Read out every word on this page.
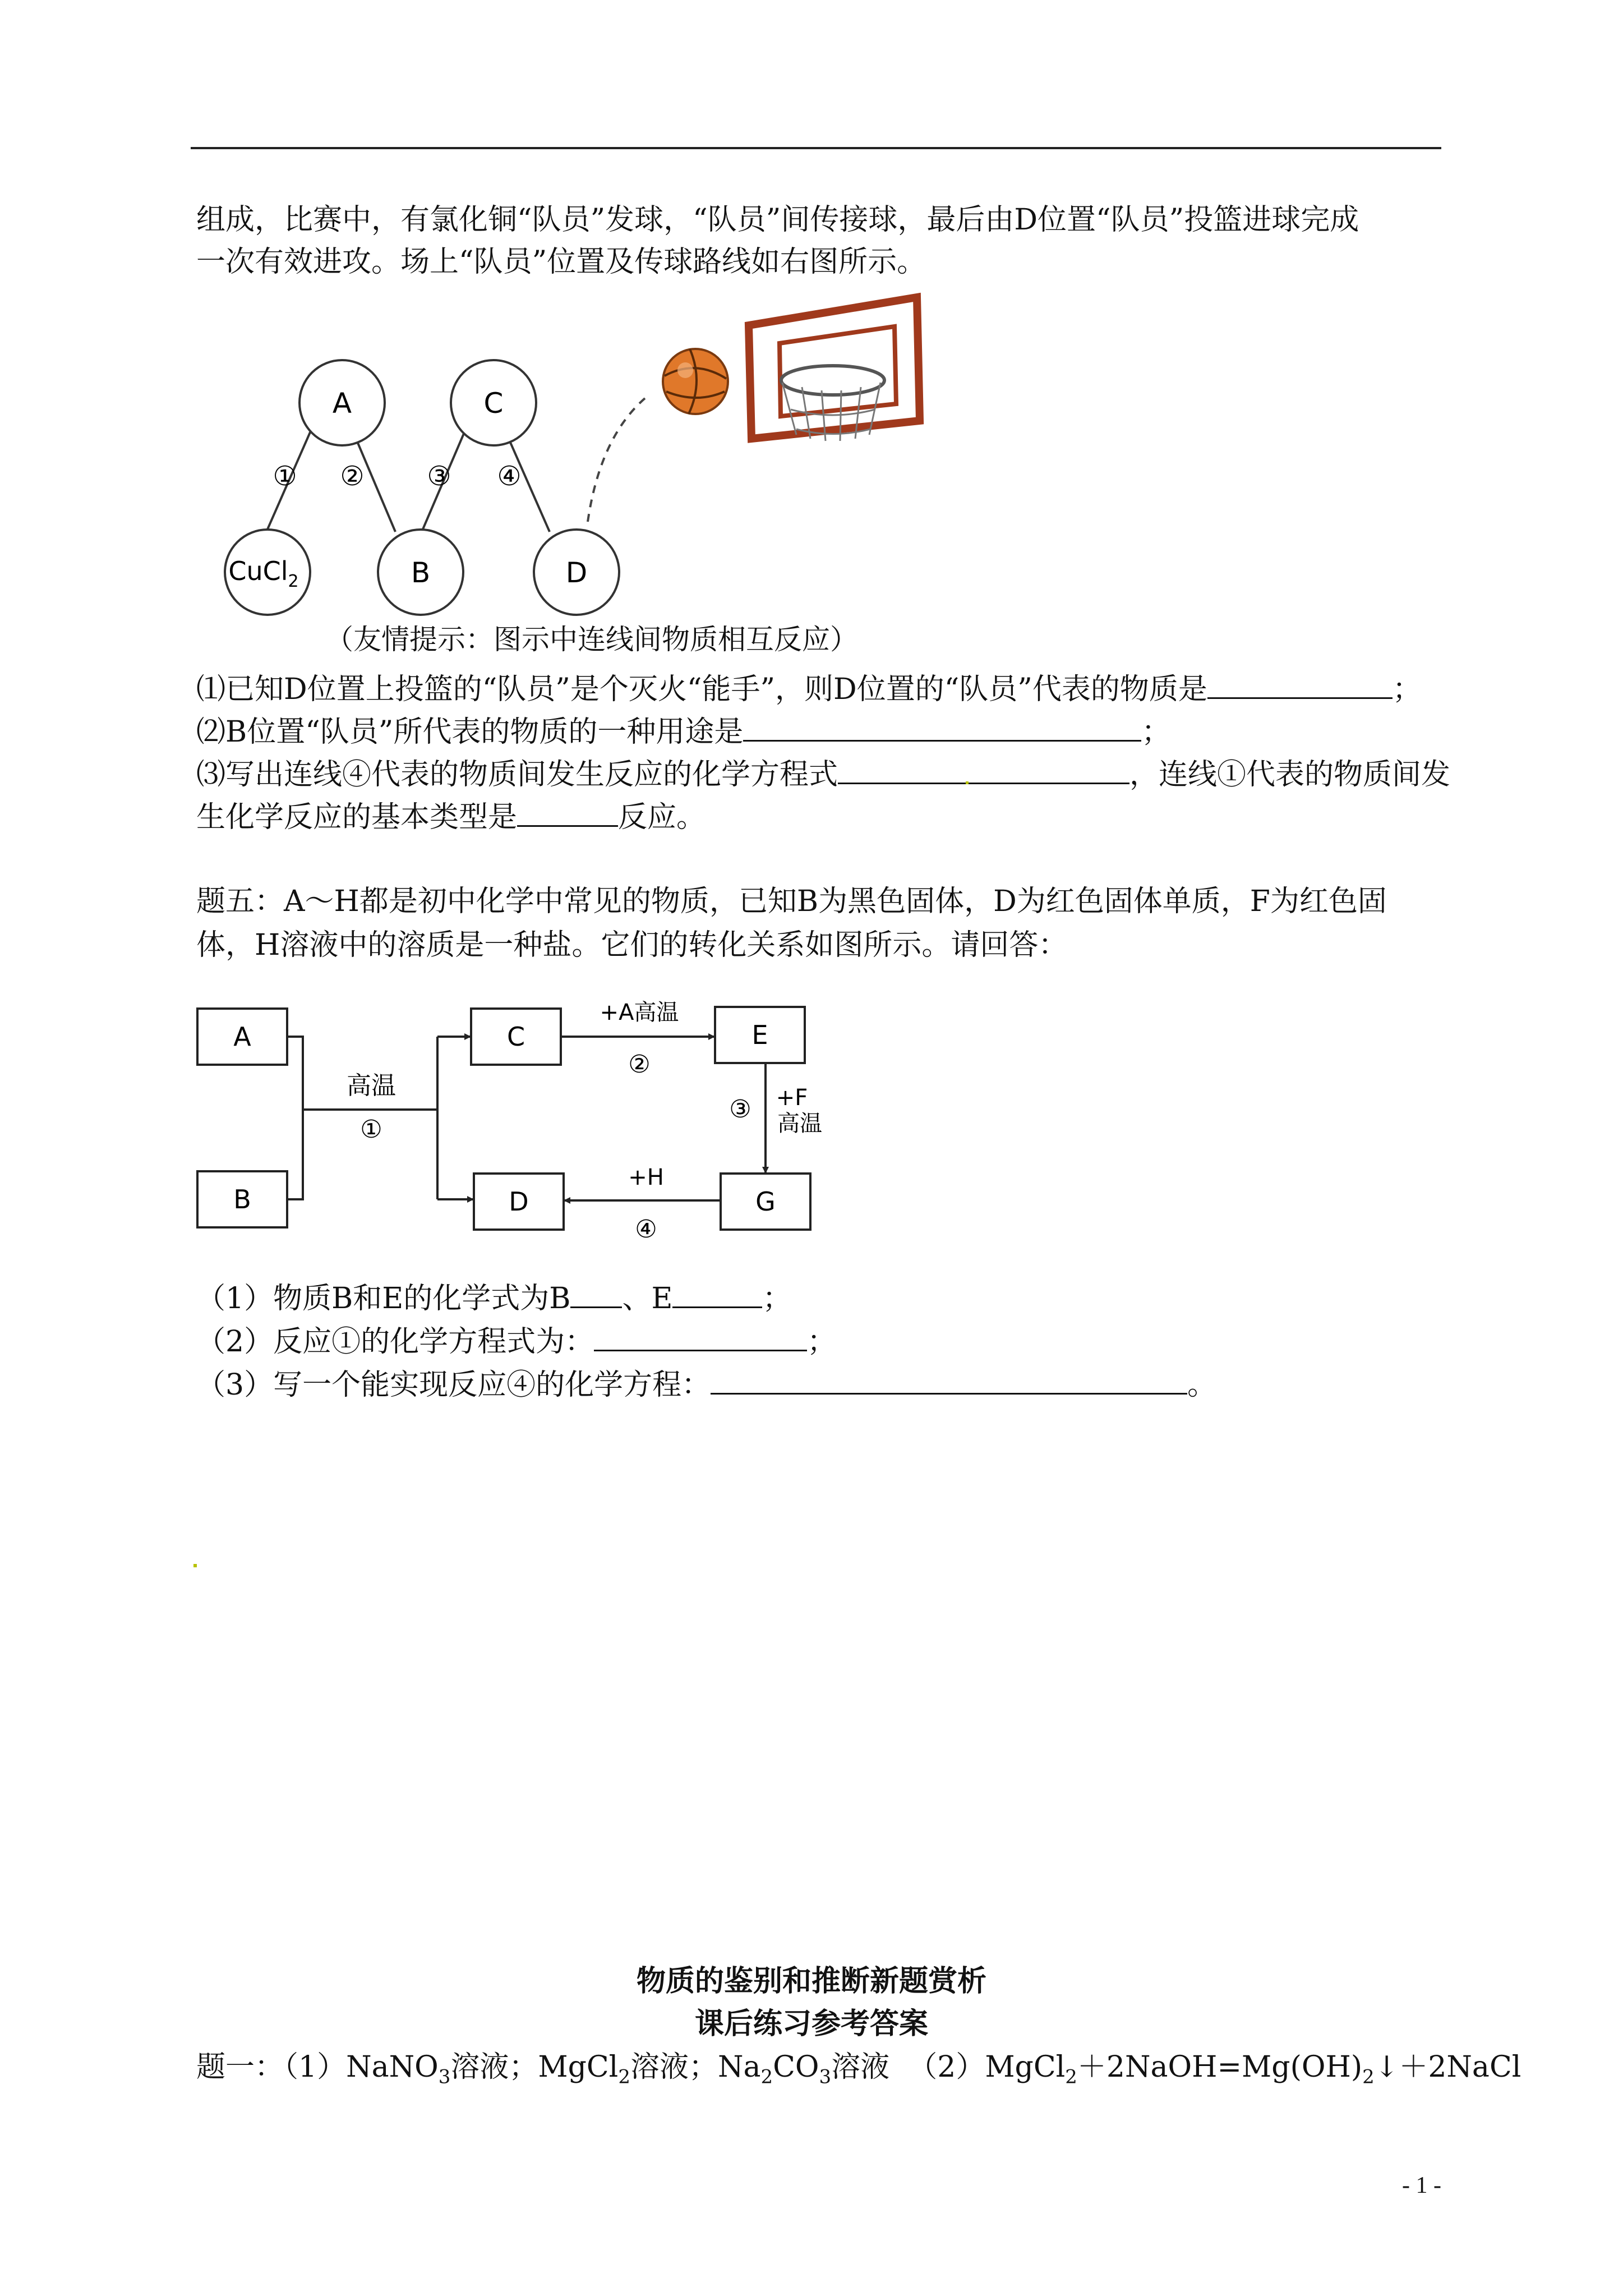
组成，比赛中，有氯化铜“队员”发球，“队员”间传接球，最后由D位置“队员”投篮进球完成
一次有效进攻。场上“队员”位置及传球路线如右图所示。
A	C
CuCl$_2$	B	D
① ② ③ ④
（友情提示：图示中连线间物质相互反应）
⑴已知D位置上投篮的“队员”是个灭火“能手”，则D位置的“队员”代表的物质是	；
⑵B位置“队员”所代表的物质的一种用途是	；
⑶写出连线④代表的物质间发生反应的化学方程式	，连线①代表的物质间发
生化学反应的基本类型是	反应。
题五：A～H都是初中化学中常见的物质，已知B为黑色固体，D为红色固体单质，F为红色固
体，H溶液中的溶质是一种盐。它们的转化关系如图所示。请回答：
A
B
C
D
E
G
高温
①
+A高温
②
③ +F
高温
+H
④
（1）物质B和E的化学式为B 、E	；
（2）反应①的化学方程式为：	；
（3）写一个能实现反应④的化学方程：	。
物质的鉴别和推断新题赏析
课后练习参考答案
题一：（1）NaNO$_3$溶液；MgCl$_2$溶液；$Na_2CO_3$溶液  $(2)MgCl_2+2NaOH=Mg(OH)_2↓+2NaCl$
- 1 -
